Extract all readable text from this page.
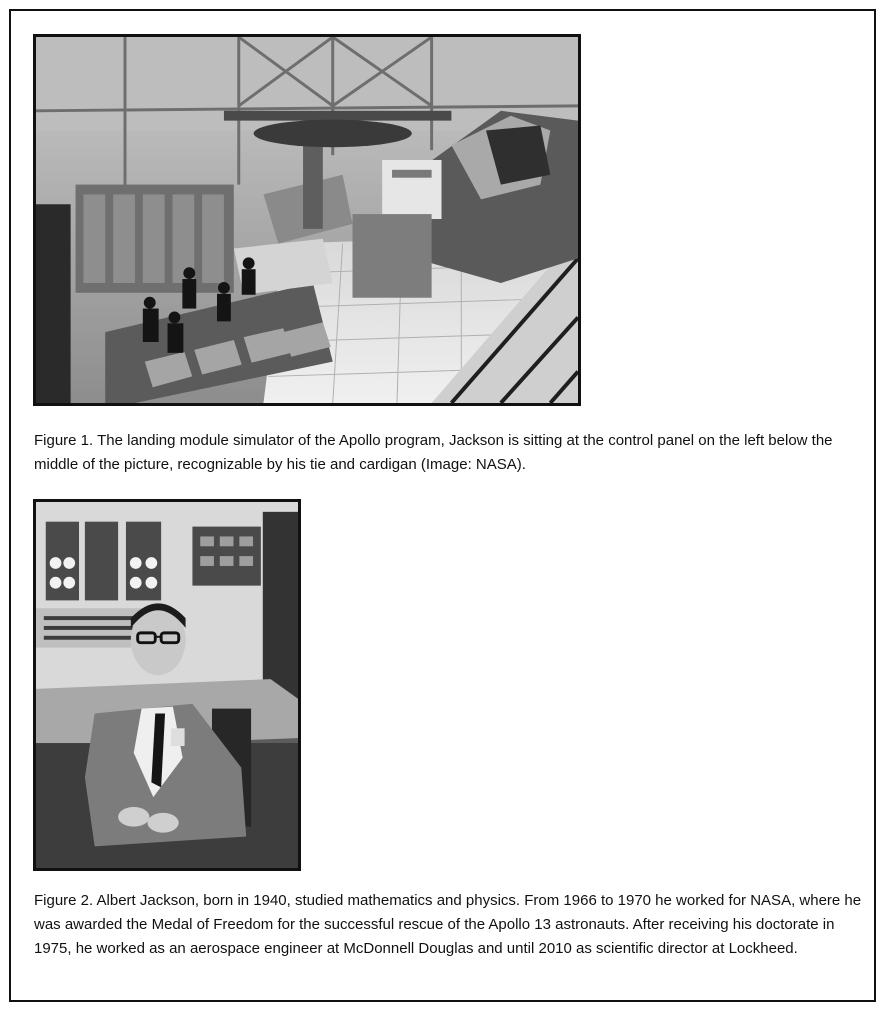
Figure 1. The landing module simulator of the Apollo program, Jackson is sitting at the control panel on the left below the middle of the picture, recognizable by his tie and cardigan (Image: NASA).

Figure 2. Albert Jackson, born in 1940, studied mathematics and physics. From 1966 to 1970 he worked for NASA, where he was awarded the Medal of Freedom for the successful rescue of the Apollo 13 astronauts. After receiving his doctorate in 1975, he worked as an aerospace engineer at McDonnell Douglas and until 2010 as scientific director at Lockheed.
